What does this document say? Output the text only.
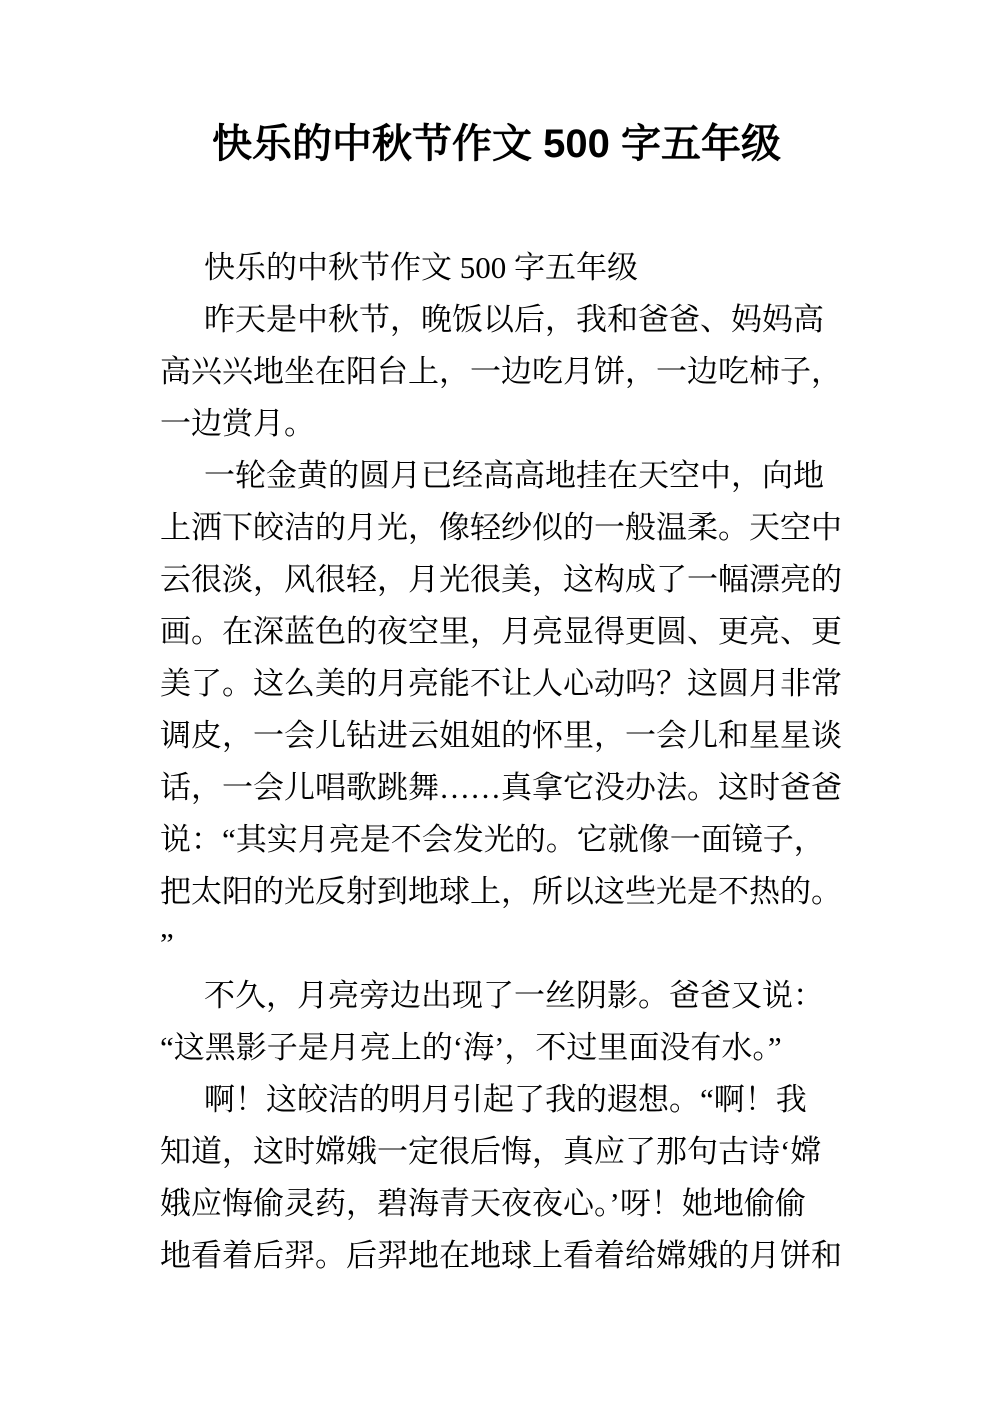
快乐的中秋节作文 500 字五年级
快乐的中秋节作文 500 字五年级
昨天是中秋节，晚饭以后，我和爸爸、妈妈高
高兴兴地坐在阳台上，一边吃月饼，一边吃柿子，
一边赏月。
一轮金黄的圆月已经高高地挂在天空中，向地
上洒下皎洁的月光，像轻纱似的一般温柔。天空中
云很淡，风很轻，月光很美，这构成了一幅漂亮的
画。在深蓝色的夜空里，月亮显得更圆、更亮、更
美了。这么美的月亮能不让人心动吗？这圆月非常
调皮，一会儿钻进云姐姐的怀里，一会儿和星星谈
话，一会儿唱歌跳舞……真拿它没办法。这时爸爸
说：“其实月亮是不会发光的。它就像一面镜子，
把太阳的光反射到地球上，所以这些光是不热的。
”
不久，月亮旁边出现了一丝阴影。爸爸又说：
“这黑影子是月亮上的‘海’，不过里面没有水。”
啊！这皎洁的明月引起了我的遐想。“啊！我
知道，这时嫦娥一定很后悔，真应了那句古诗‘嫦
娥应悔偷灵药，碧海青天夜夜心。’呀！她地偷偷
地看着后羿。后羿地在地球上看着给嫦娥的月饼和
